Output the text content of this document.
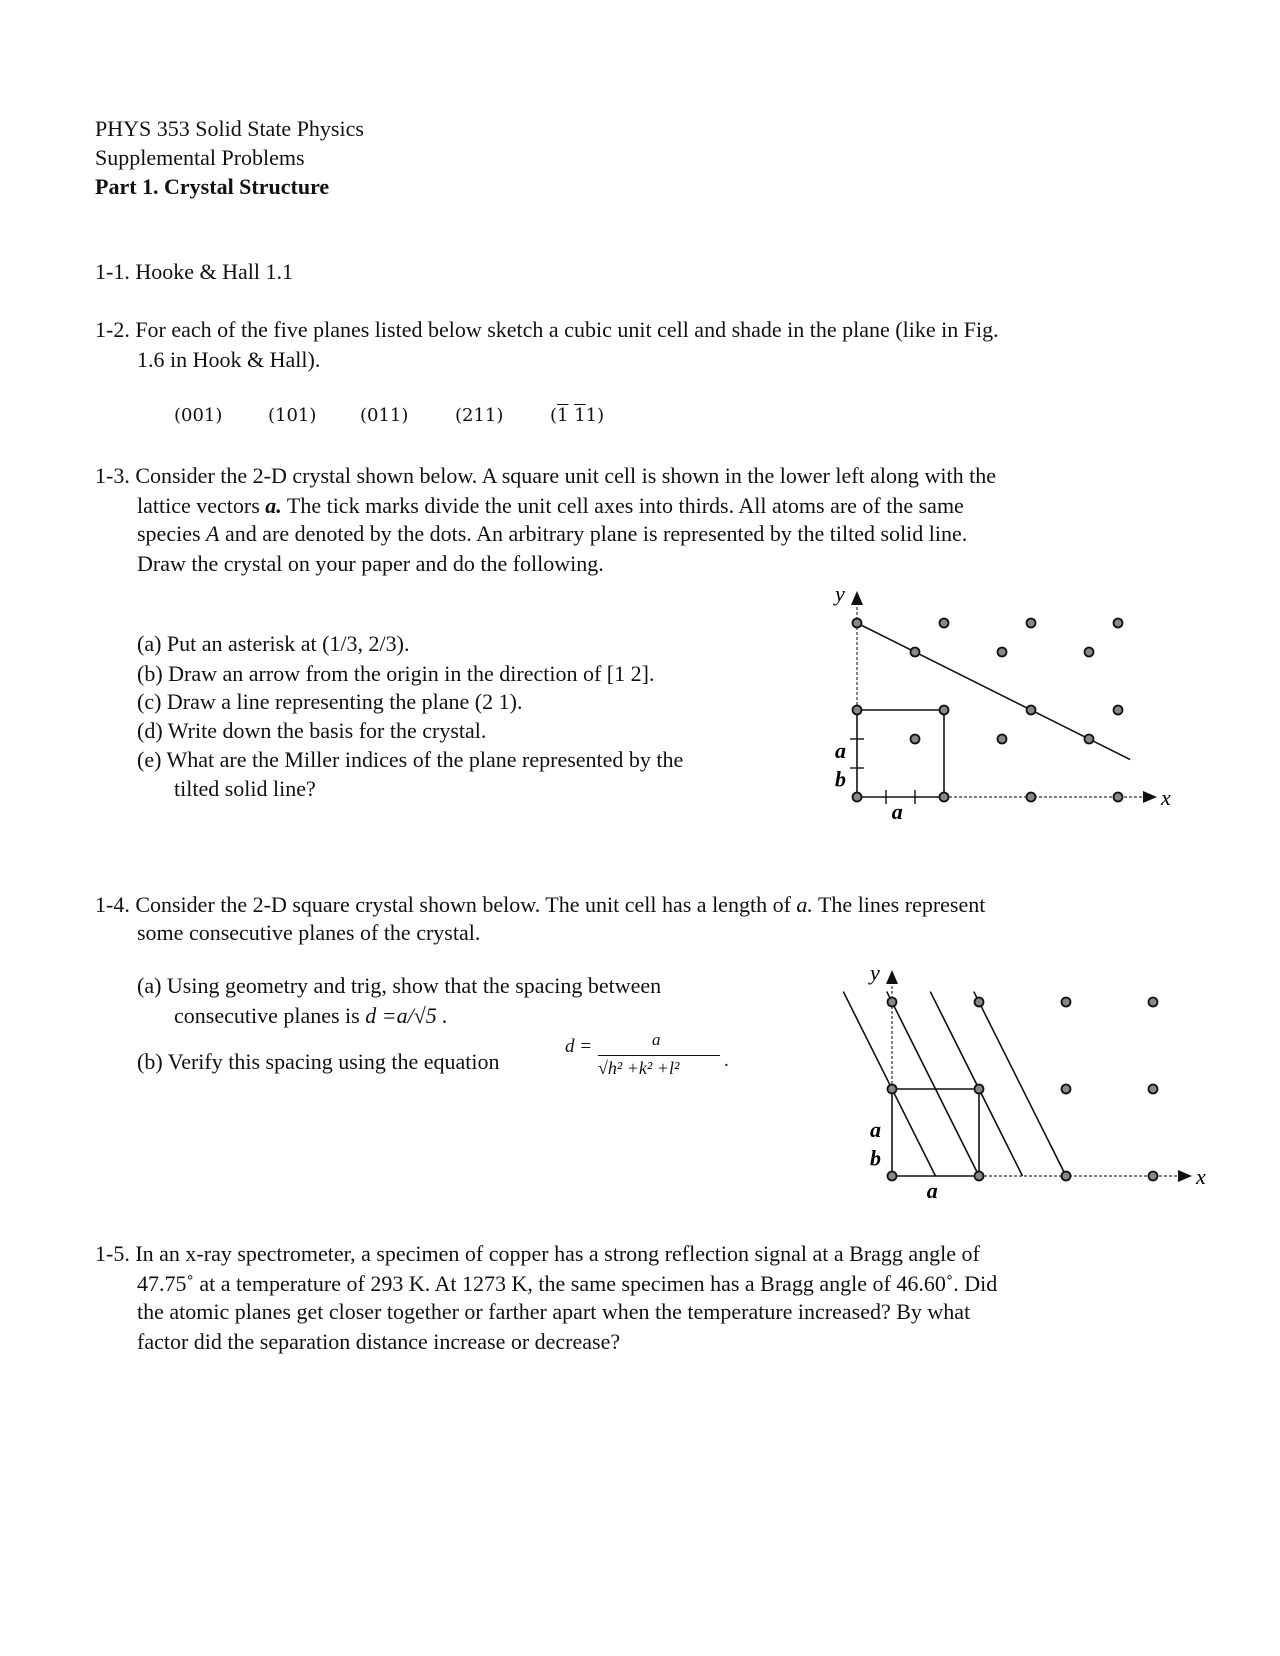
PHYS 353 Solid State Physics
Supplemental Problems
Part 1. Crystal Structure
1-1. Hooke & Hall 1.1
1-2. For each of the five planes listed below sketch a cubic unit cell and shade in the plane (like in Fig.
1.6 in Hook & Hall).
(001)	(101) (011)	(211)	(1 11)
1-3. Consider the 2-D crystal shown below. A square unit cell is shown in the lower left along with the
lattice vectors a. The tick marks divide the unit cell axes into thirds. All atoms are of the same
species A and are denoted by the dots. An arbitrary plane is represented by the tilted solid line.
Draw the crystal on your paper and do the following.
(a) Put an asterisk at (1/3, 2/3).
(b) Draw an arrow from the origin in the direction of [1 2].
(c) Draw a line representing the plane (2 1).
(d) Write down the basis for the crystal.
(e) What are the Miller indices of the plane represented by the
tilted solid line?
1-4. Consider the 2-D square crystal shown below. The unit cell has a length of a. The lines represent
some consecutive planes of the crystal.
(a) Using geometry and trig, show that the spacing between
consecutive planes is d =a/√5 .
(b) Verify this spacing using the equation
d =	a
√h² +k² +l² .
1-5. In an x-ray spectrometer, a specimen of copper has a strong reflection signal at a Bragg angle of
47.75˚ at a temperature of 293 K. At 1273 K, the same specimen has a Bragg angle of 46.60˚. Did
the atomic planes get closer together or farther apart when the temperature increased? By what
factor did the separation distance increase or decrease?
y
x
a
b
a
y
x
a
b
a
